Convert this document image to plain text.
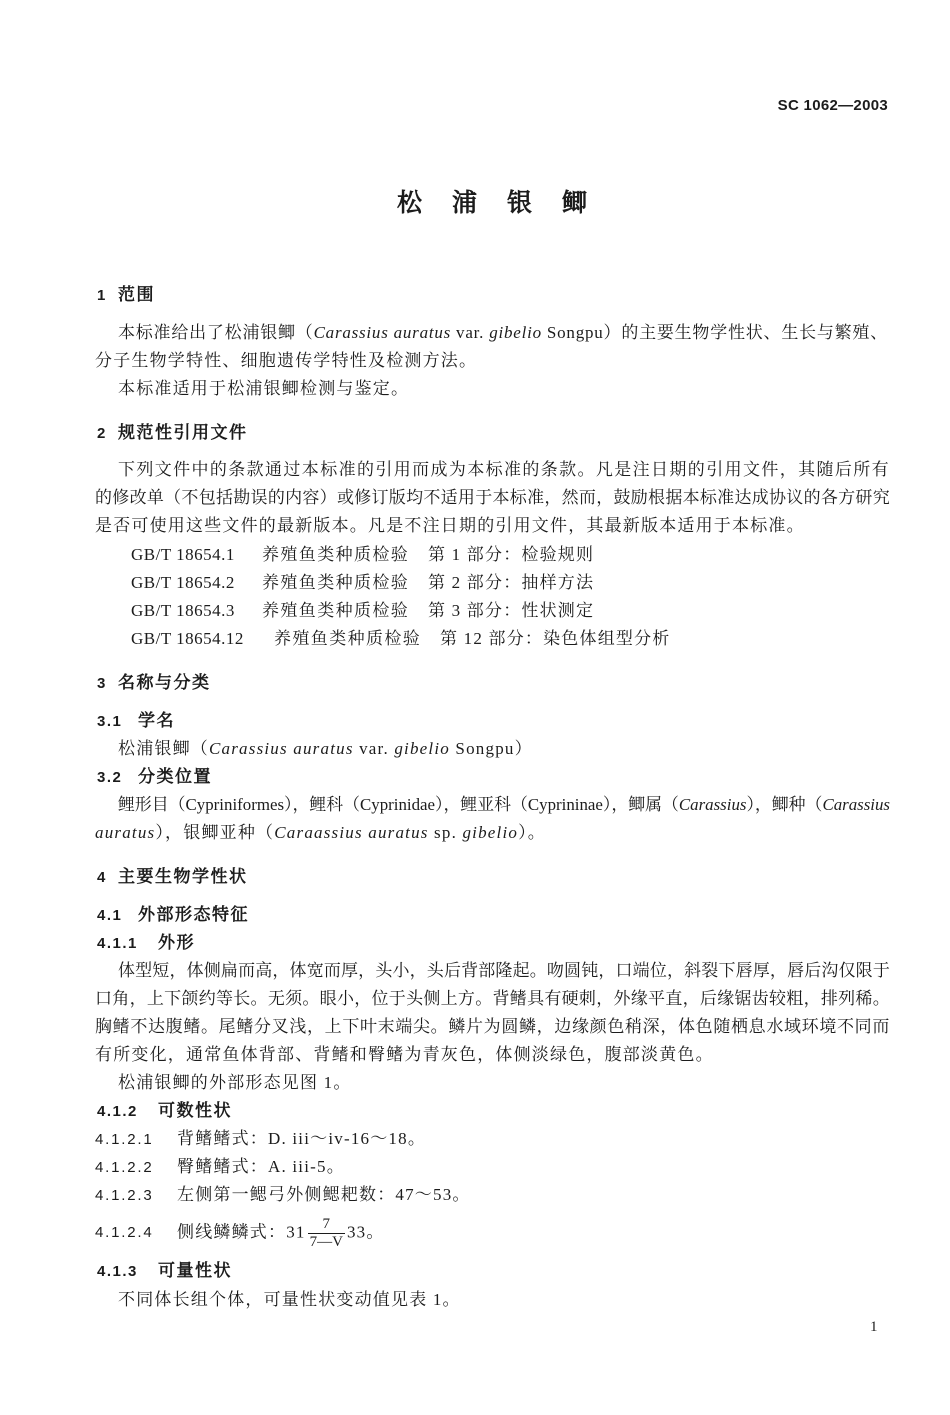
SC 1062—2003
松浦银鲫
1 范围
本标准给出了松浦银鲫（Carassius auratus var. gibelio Songpu）的主要生物学性状、生长与繁殖、
分子生物学特性、细胞遗传学特性及检测方法。
本标准适用于松浦银鲫检测与鉴定。
2 规范性引用文件
下列文件中的条款通过本标准的引用而成为本标准的条款。凡是注日期的引用文件，其随后所有
的修改单（不包括勘误的内容）或修订版均不适用于本标准，然而，鼓励根据本标准达成协议的各方研究
是否可使用这些文件的最新版本。凡是不注日期的引用文件，其最新版本适用于本标准。
GB/T 18654.1 养殖鱼类种质检验 第 1 部分：检验规则
GB/T 18654.2 养殖鱼类种质检验 第 2 部分：抽样方法
GB/T 18654.3 养殖鱼类种质检验 第 3 部分：性状测定
GB/T 18654.12 养殖鱼类种质检验 第 12 部分：染色体组型分析
3 名称与分类
3.1 学名
松浦银鲫（Carassius auratus var. gibelio Songpu）
3.2 分类位置
鲤形目（Cypriniformes），鲤科（Cyprinidae），鲤亚科（Cyprininae），鲫属（Carassius），鲫种（Carassius
auratus），银鲫亚种（Caraassius auratus sp. gibelio）。
4 主要生物学性状
4.1 外部形态特征
4.1.1 外形
体型短，体侧扁而高，体宽而厚，头小，头后背部隆起。吻圆钝，口端位，斜裂下唇厚，唇后沟仅限于
口角，上下颌约等长。无须。眼小，位于头侧上方。背鳍具有硬刺，外缘平直，后缘锯齿较粗，排列稀。
胸鳍不达腹鳍。尾鳍分叉浅，上下叶末端尖。鳞片为圆鳞，边缘颜色稍深，体色随栖息水域环境不同而
有所变化，通常鱼体背部、背鳍和臀鳍为青灰色，体侧淡绿色，腹部淡黄色。
松浦银鲫的外部形态见图 1。
4.1.2 可数性状
4.1.2.1 背鳍鳍式：D. iii～iv-16～18。
4.1.2.2 臀鳍鳍式：A. iii-5。
4.1.2.3 左侧第一鳃弓外侧鳃耙数：47～53。
4.1.2.4 侧线鳞鳞式：$31 \frac{7}{7—V} 33$。
4.1.3 可量性状
不同体长组个体，可量性状变动值见表 1。
1
